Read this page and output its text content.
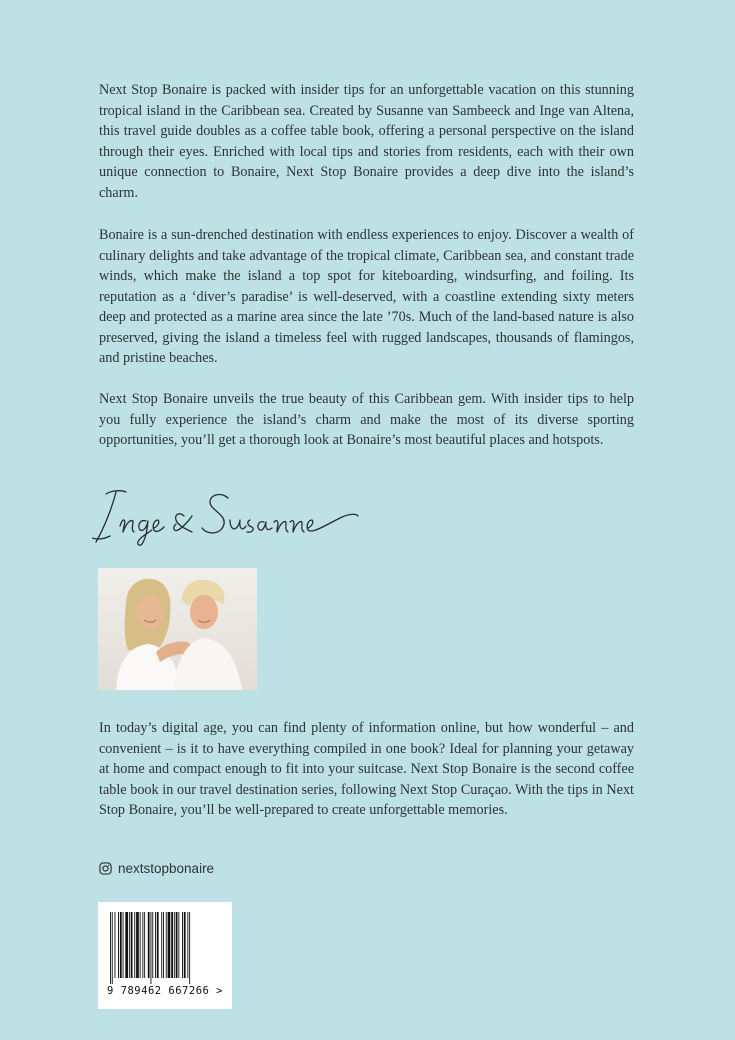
Next Stop Bonaire is packed with insider tips for an unforgettable vacation on this stunning tropical island in the Caribbean sea. Created by Susanne van Sambeeck and Inge van Altena, this travel guide doubles as a coffee table book, offering a personal perspective on the island through their eyes. Enriched with local tips and stories from residents, each with their own unique connection to Bonaire, Next Stop Bonaire provides a deep dive into the island’s charm.

Bonaire is a sun-drenched destination with endless experiences to enjoy. Discover a wealth of culinary delights and take advantage of the tropical climate, Caribbean sea, and constant trade winds, which make the island a top spot for kiteboarding, windsurfing, and foiling. Its reputation as a ‘diver’s paradise’ is well-deserved, with a coastline extending sixty meters deep and protected as a marine area since the late ’70s. Much of the land-based nature is also preserved, giving the island a timeless feel with rugged landscapes, thousands of flamingos, and pristine beaches.

Next Stop Bonaire unveils the true beauty of this Caribbean gem. With insider tips to help you fully experience the island’s charm and make the most of its diverse sporting opportunities, you’ll get a thorough look at Bonaire’s most beautiful places and hotspots.

In today’s digital age, you can find plenty of information online, but how wonderful – and convenient – is it to have everything compiled in one book? Ideal for planning your getaway at home and compact enough to fit into your suitcase. Next Stop Bonaire is the second coffee table book in our travel destination series, following Next Stop Curaçao. With the tips in Next Stop Bonaire, you’ll be well-prepared to create unforgettable memories.

nextstopbonaire
9 789462 667266 >
